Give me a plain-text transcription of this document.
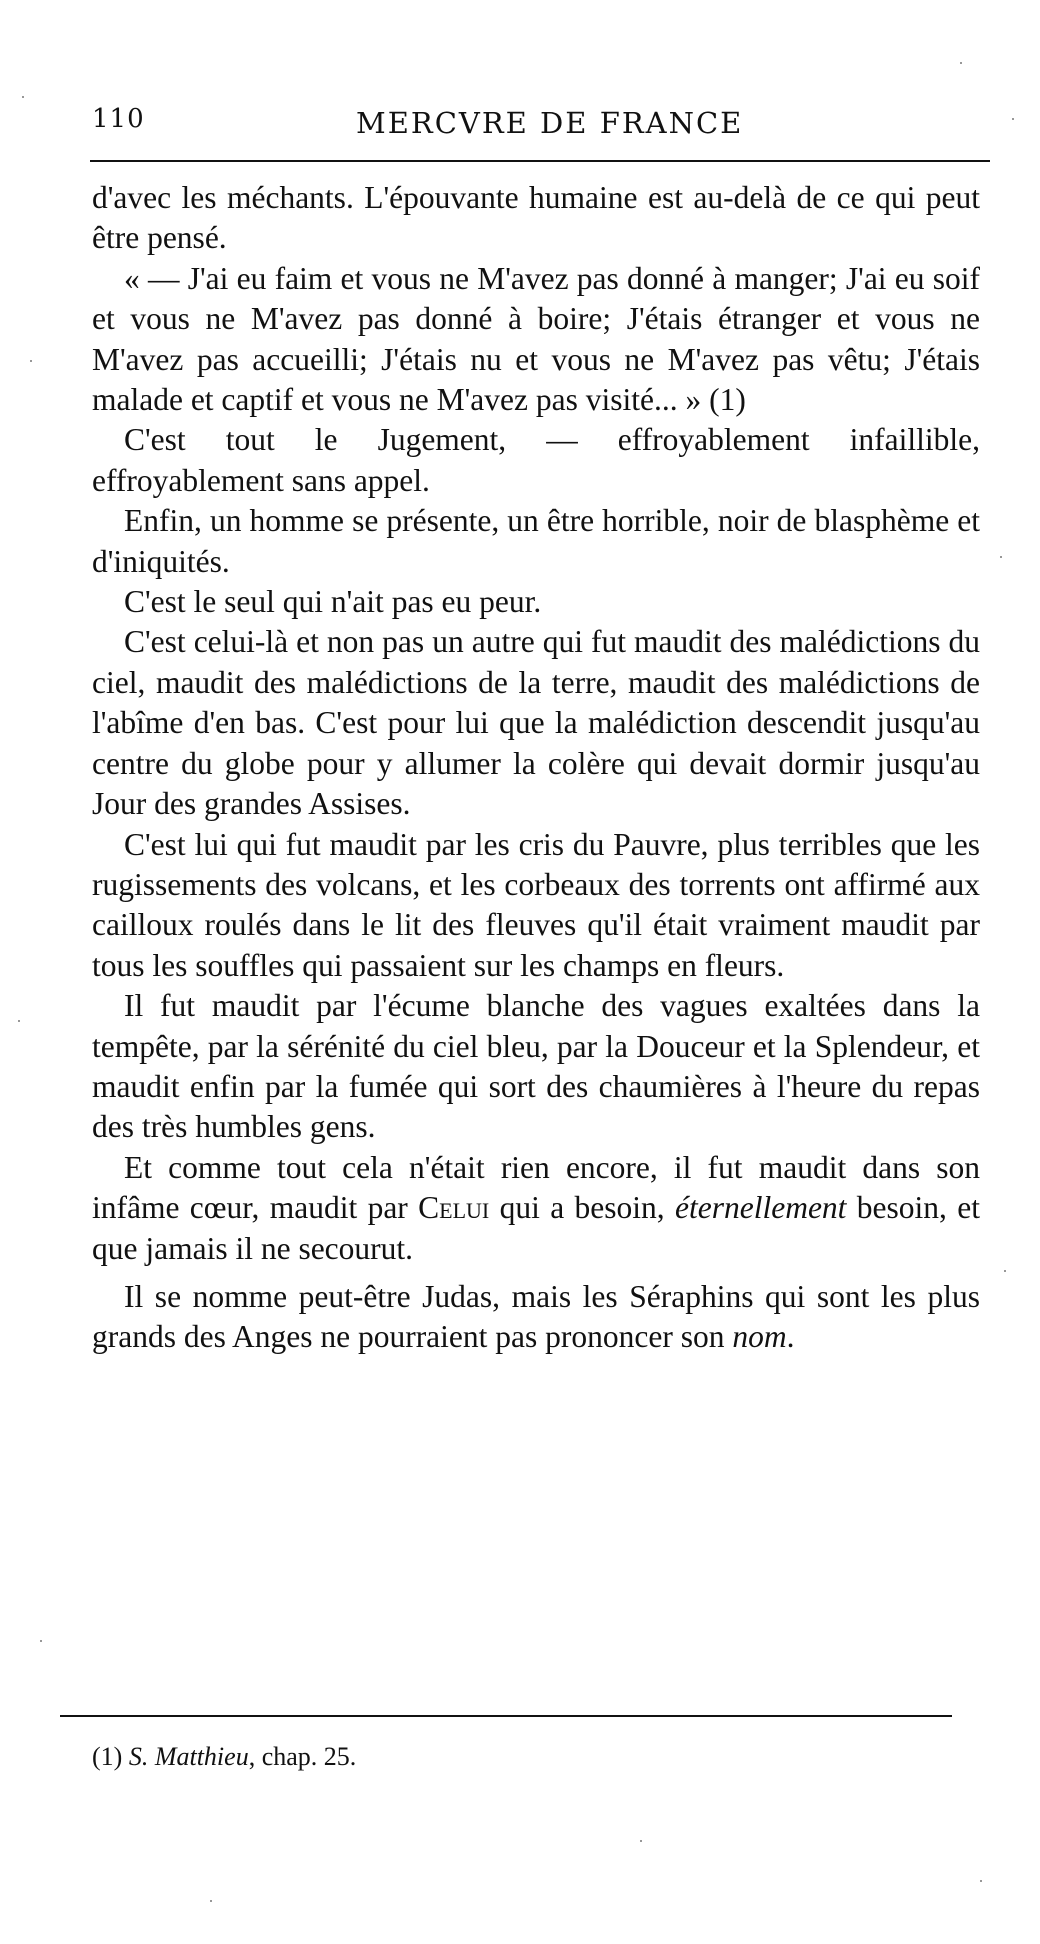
110	MERCVRE DE FRANCE

d'avec les méchants. L'épouvante humaine est au-delà de ce qui peut être pensé.

« — J'ai eu faim et vous ne M'avez pas donné à manger; J'ai eu soif et vous ne M'avez pas donné à boire; J'étais étranger et vous ne M'avez pas accueilli; J'étais nu et vous ne M'avez pas vêtu; J'étais malade et captif et vous ne M'avez pas visité... » (1)

C'est tout le Jugement, — effroyablement infaillible, effroyablement sans appel.

Enfin, un homme se présente, un être horrible, noir de blasphème et d'iniquités.

C'est le seul qui n'ait pas eu peur.

C'est celui-là et non pas un autre qui fut maudit des malédictions du ciel, maudit des malédictions de la terre, maudit des malédictions de l'abîme d'en bas. C'est pour lui que la malédiction descendit jusqu'au centre du globe pour y allumer la colère qui devait dormir jusqu'au Jour des grandes Assises.

C'est lui qui fut maudit par les cris du Pauvre, plus terribles que les rugissements des volcans, et les corbeaux des torrents ont affirmé aux cailloux roulés dans le lit des fleuves qu'il était vraiment maudit par tous les souffles qui passaient sur les champs en fleurs.

Il fut maudit par l'écume blanche des vagues exaltées dans la tempête, par la sérénité du ciel bleu, par la Douceur et la Splendeur, et maudit enfin par la fumée qui sort des chaumières à l'heure du repas des très humbles gens.

Et comme tout cela n'était rien encore, il fut maudit dans son infâme cœur, maudit par Celui qui a besoin, éternellement besoin, et que jamais il ne secourut.

Il se nomme peut-être Judas, mais les Séraphins qui sont les plus grands des Anges ne pourraient pas prononcer son nom.

(1) S. Matthieu, chap. 25.
